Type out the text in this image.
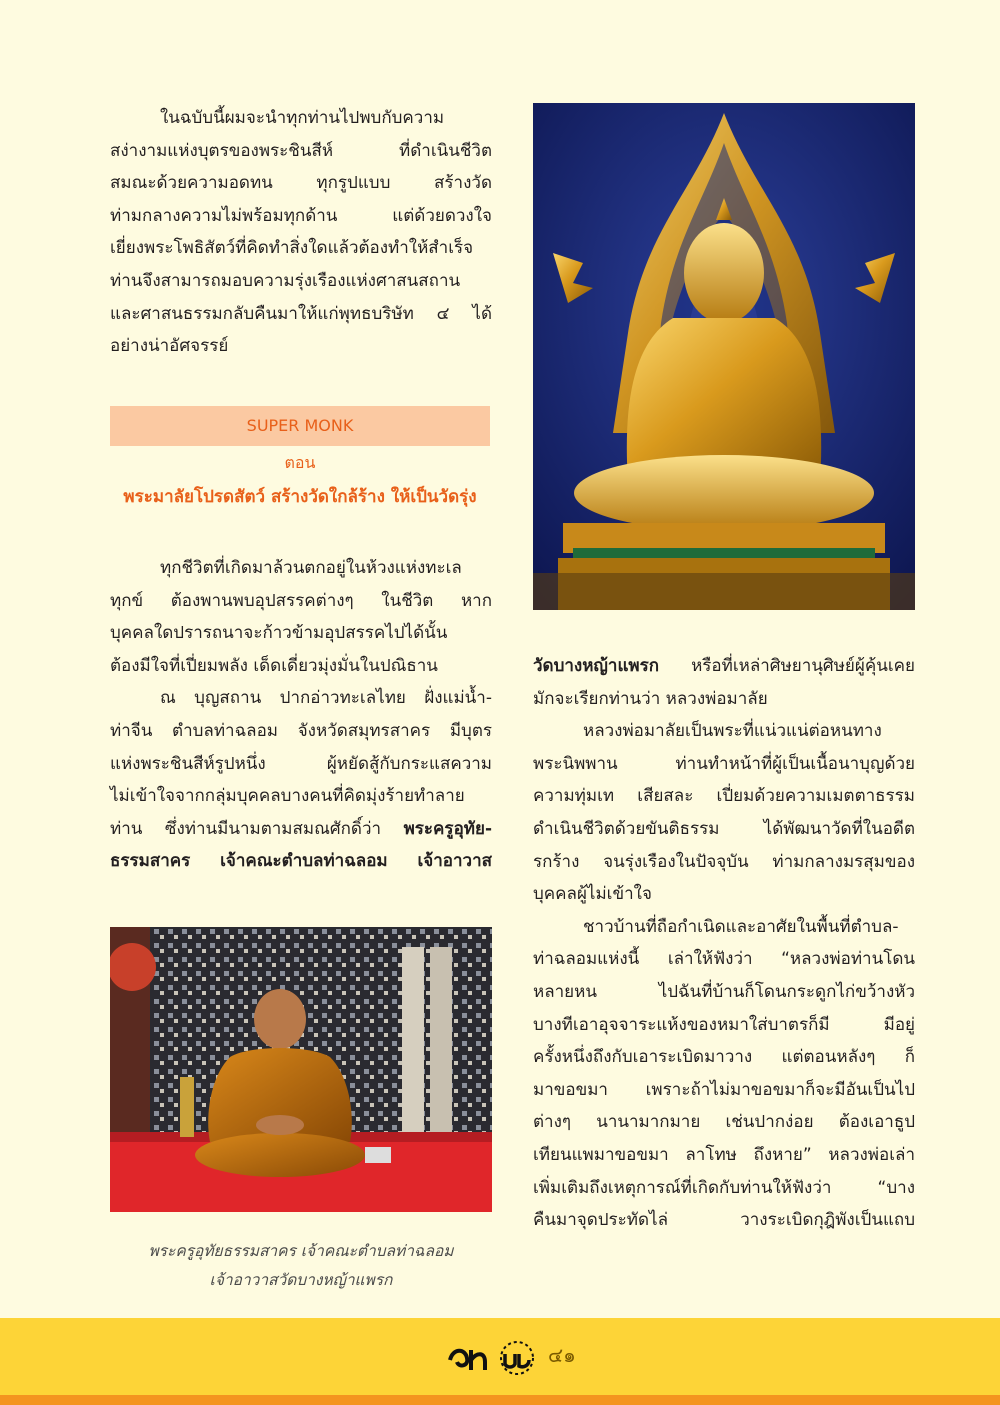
ในฉบับนี้ผมจะนำทุกท่านไปพบกับความ

สง่างามแห่งบุตรของพระชินสีห์ ที่ดำเนินชีวิต

สมณะด้วยความอดทน ทุกรูปแบบ สร้างวัด

ท่ามกลางความไม่พร้อมทุกด้าน แต่ด้วยดวงใจ

เยี่ยงพระโพธิสัตว์ที่คิดทำสิ่งใดแล้วต้องทำให้สำเร็จ

ท่านจึงสามารถมอบความรุ่งเรืองแห่งศาสนสถาน

และศาสนธรรมกลับคืนมาให้แก่พุทธบริษัท ๔ ได้

อย่างน่าอัศจรรย์

SUPER MONK
ตอน
พระมาลัยโปรดสัตว์ สร้างวัดใกล้ร้าง ให้เป็นวัดรุ่ง

ทุกชีวิตที่เกิดมาล้วนตกอยู่ในห้วงแห่งทะเล

ทุกข์ ต้องพานพบอุปสรรคต่างๆ ในชีวิต หาก

บุคคลใดปรารถนาจะก้าวข้ามอุปสรรคไปได้นั้น

ต้องมีใจที่เปี่ยมพลัง เด็ดเดี่ยวมุ่งมั่นในปณิธาน

ณ บุญสถาน ปากอ่าวทะเลไทย ฝั่งแม่น้ำ-

ท่าจีน ตำบลท่าฉลอม จังหวัดสมุทรสาคร มีบุตร

แห่งพระชินสีห์รูปหนึ่ง ผู้หยัดสู้กับกระแสความ

ไม่เข้าใจจากกลุ่มบุคคลบางคนที่คิดมุ่งร้ายทำลาย

ท่าน ซึ่งท่านมีนามตามสมณศักดิ์ว่า พระครูอุทัย-

ธรรมสาคร เจ้าคณะตำบลท่าฉลอม เจ้าอาวาส

วัดบางหญ้าแพรก หรือที่เหล่าศิษยานุศิษย์ผู้คุ้นเคย

มักจะเรียกท่านว่า หลวงพ่อมาลัย

หลวงพ่อมาลัยเป็นพระที่แน่วแน่ต่อหนทาง

พระนิพพาน ท่านทำหน้าที่ผู้เป็นเนื้อนาบุญด้วย

ความทุ่มเท เสียสละ เปี่ยมด้วยความเมตตาธรรม

ดำเนินชีวิตด้วยขันติธรรม ได้พัฒนาวัดที่ในอดีต

รกร้าง จนรุ่งเรืองในปัจจุบัน ท่ามกลางมรสุมของ

บุคคลผู้ไม่เข้าใจ

ชาวบ้านที่ถือกำเนิดและอาศัยในพื้นที่ตำบล-

ท่าฉลอมแห่งนี้ เล่าให้ฟังว่า “หลวงพ่อท่านโดน

หลายหน ไปฉันที่บ้านก็โดนกระดูกไก่ขว้างหัว

บางทีเอาอุจจาระแห้งของหมาใส่บาตรก็มี มีอยู่

ครั้งหนึ่งถึงกับเอาระเบิดมาวาง แต่ตอนหลังๆ ก็

มาขอขมา เพราะถ้าไม่มาขอขมาก็จะมีอันเป็นไป

ต่างๆ นานามากมาย เช่นปากง่อย ต้องเอาธูป

เทียนแพมาขอขมา ลาโทษ ถึงหาย” หลวงพ่อเล่า

เพิ่มเติมถึงเหตุการณ์ที่เกิดกับท่านให้ฟังว่า “บาง

คืนมาจุดประทัดไล่ วางระเบิดกุฎิพังเป็นแถบ

พระครูอุทัยธรรมสาคร เจ้าคณะตำบลท่าฉลอม
เจ้าอาวาสวัดบางหญ้าแพรก
๔๑
